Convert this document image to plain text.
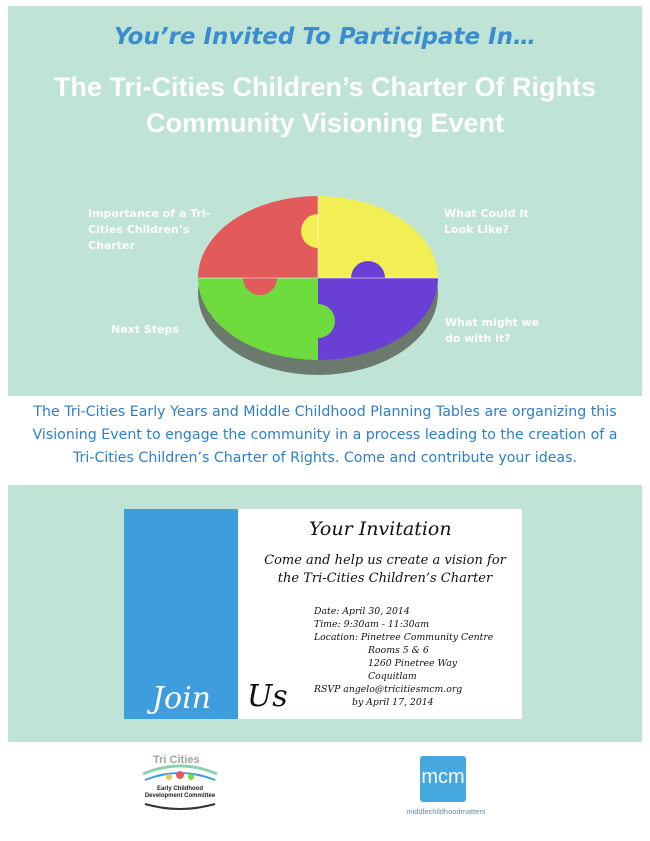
You’re Invited To Participate In…
The Tri-Cities Children’s Charter Of Rights
Community Visioning Event
Importance of a Tri-Cities Children’s Charter
What Could It Look Like?
Next Steps
What might we do with it?
The Tri-Cities Early Years and Middle Childhood Planning Tables are organizing this
Visioning Event to engage the community in a process leading to the creation of a
Tri-Cities Children’s Charter of Rights. Come and contribute your ideas.
Join Us
Your Invitation
Come and help us create a vision for
the Tri-Cities Children’s Charter
Date: April 30, 2014
Time: 9:30am - 11:30am
Location: Pinetree Community Centre
Rooms 5 & 6
1260 Pinetree Way
Coquitlam
RSVP angelo@tricitiesmcm.org
by April 17, 2014
Tri Cities
Early Childhood
Development Committee
mcm
middlechildhoodmatters
